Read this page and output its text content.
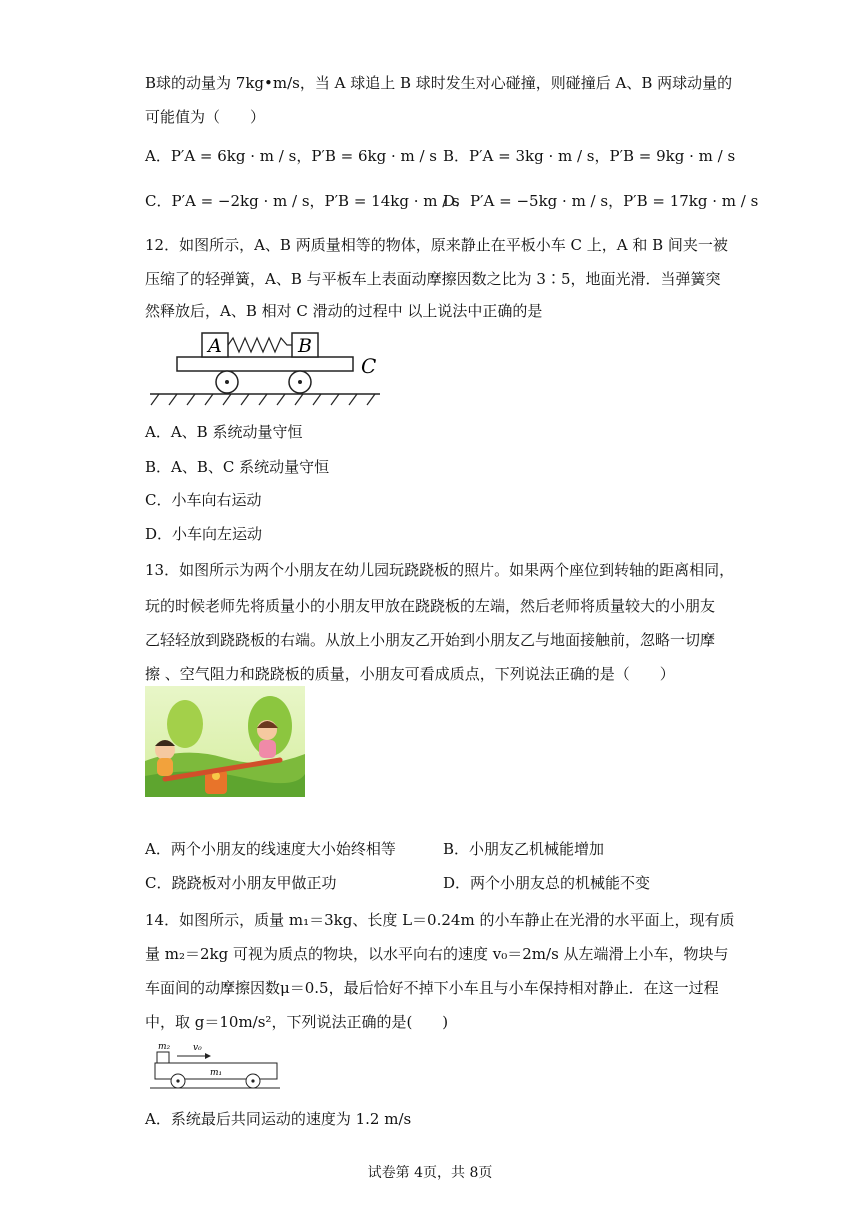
B球的动量为 7kg•m/s，当 A 球追上 B 球时发生对心碰撞，则碰撞后 A、B 两球动量的
可能值为（　　）
A．P′A = 6kg · m / s，P′B = 6kg · m / s B．P′A = 3kg · m / s，P′B = 9kg · m / s
C．P′A = −2kg · m / s，P′B = 14kg · m / s
D．P′A = −5kg · m / s，P′B = 17kg · m / s
12．如图所示，A、B 两质量相等的物体，原来静止在平板小车 C 上，A 和 B 间夹一被
压缩了的轻弹簧，A、B 与平板车上表面动摩擦因数之比为 3∶5，地面光滑．当弹簧突
然释放后，A、B 相对 C 滑动的过程中 以上说法中正确的是
A	B
C
A．A、B 系统动量守恒
B．A、B、C 系统动量守恒
C．小车向右运动
D．小车向左运动
13．如图所示为两个小朋友在幼儿园玩跷跷板的照片。如果两个座位到转轴的距离相同，
玩的时候老师先将质量小的小朋友甲放在跷跷板的左端，然后老师将质量较大的小朋友
乙轻轻放到跷跷板的右端。从放上小朋友乙开始到小朋友乙与地面接触前，忽略一切摩
擦 、空气阻力和跷跷板的质量，小朋友可看成质点，下列说法正确的是（　　）
A．两个小朋友的线速度大小始终相等	B．小朋友乙机械能增加
C．跷跷板对小朋友甲做正功	D．两个小朋友总的机械能不变
14．如图所示，质量 m₁＝3kg、长度 L＝0.24m 的小车静止在光滑的水平面上，现有质
量 m₂＝2kg 可视为质点的物块，以水平向右的速度 v₀＝2m/s 从左端滑上小车，物块与
车面间的动摩擦因数μ＝0.5，最后恰好不掉下小车且与小车保持相对静止．在这一过程
中，取 g＝10m/s²，下列说法正确的是(　　)
m₂	v₀
m₁
A．系统最后共同运动的速度为 1.2 m/s
试卷第 4页，共 8页
